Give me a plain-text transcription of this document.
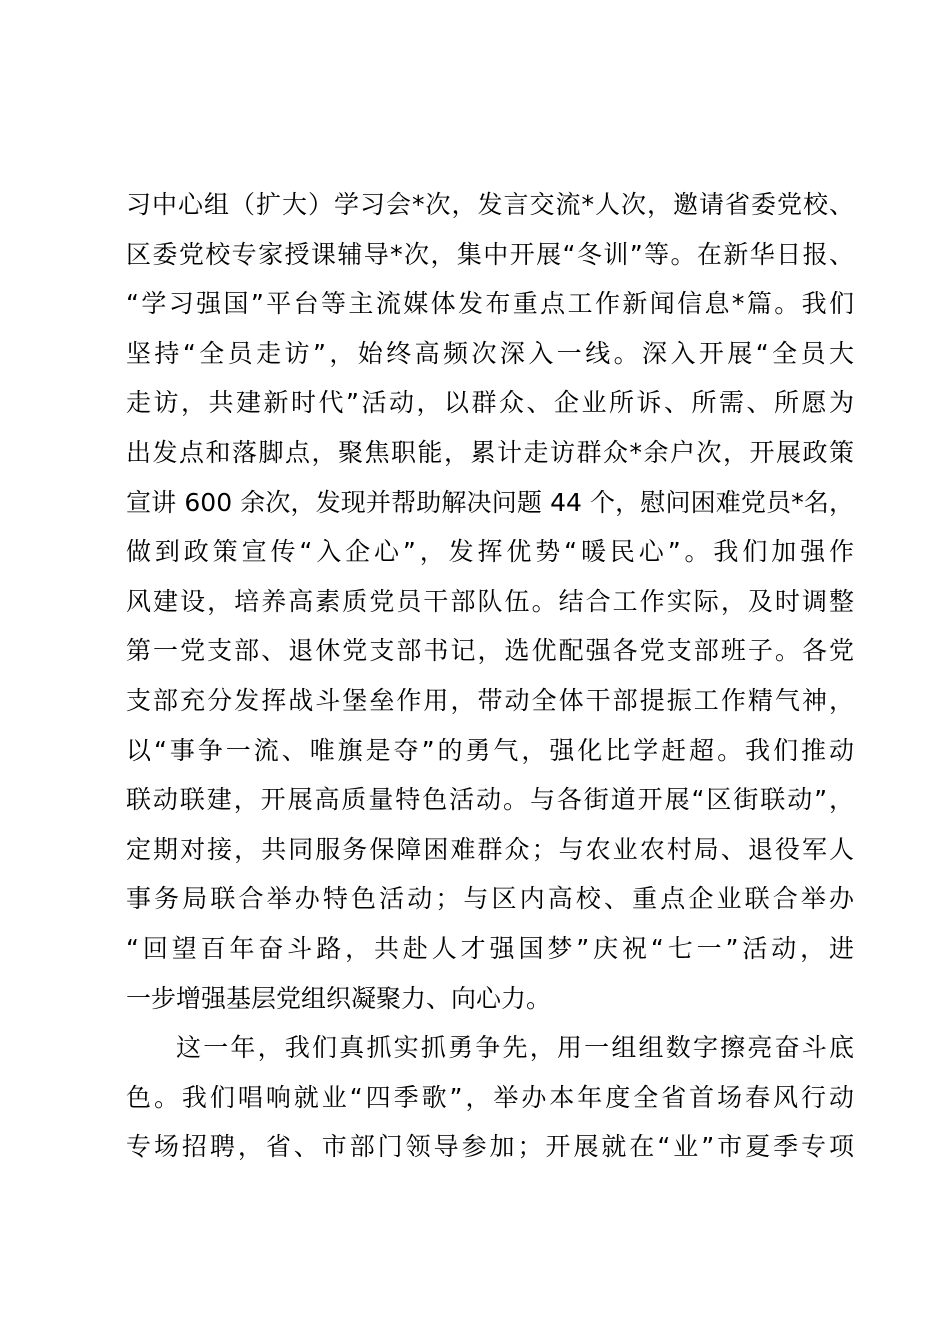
习中心组（扩大）学习会*次，发言交流*人次，邀请省委党校、
区委党校专家授课辅导*次，集中开展“冬训”等。在新华日报、
“学习强国”平台等主流媒体发布重点工作新闻信息*篇。我们
坚持“全员走访”，始终高频次深入一线。深入开展“全员大
走访，共建新时代”活动，以群众、企业所诉、所需、所愿为
出发点和落脚点，聚焦职能，累计走访群众*余户次，开展政策
宣讲 600 余次，发现并帮助解决问题 44 个，慰问困难党员*名，
做到政策宣传“入企心”，发挥优势“暖民心”。我们加强作
风建设，培养高素质党员干部队伍。结合工作实际，及时调整
第一党支部、退休党支部书记，选优配强各党支部班子。各党
支部充分发挥战斗堡垒作用，带动全体干部提振工作精气神，
以“事争一流、唯旗是夺”的勇气，强化比学赶超。我们推动
联动联建，开展高质量特色活动。与各街道开展“区街联动”，
定期对接，共同服务保障困难群众；与农业农村局、退役军人
事务局联合举办特色活动；与区内高校、重点企业联合举办
“回望百年奋斗路，共赴人才强国梦”庆祝“七一”活动，进
一步增强基层党组织凝聚力、向心力。
这一年，我们真抓实抓勇争先，用一组组数字擦亮奋斗底
色。我们唱响就业“四季歌”，举办本年度全省首场春风行动
专场招聘，省、市部门领导参加；开展就在“业”市夏季专项
